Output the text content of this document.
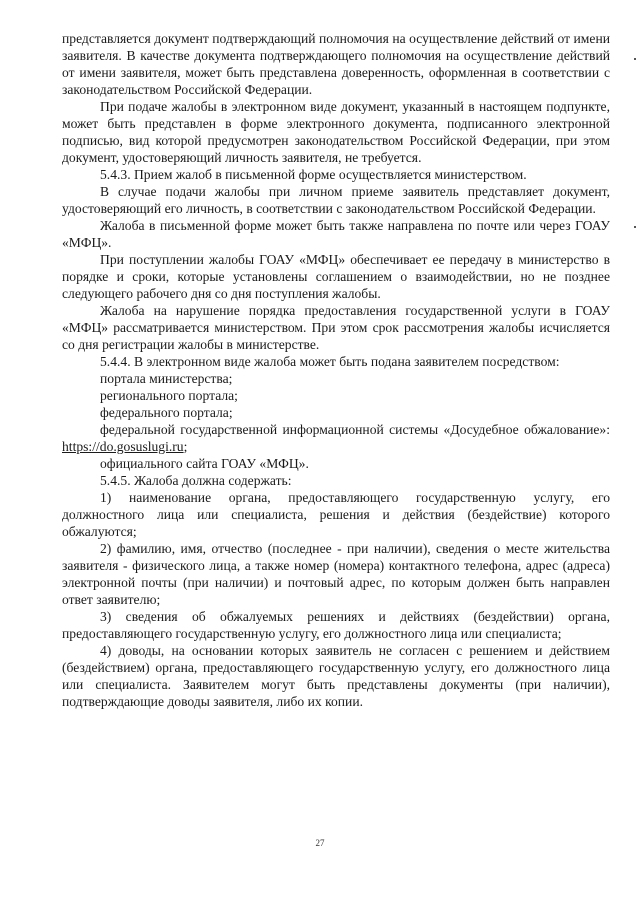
представляется документ подтверждающий полномочия на осуществление действий от имени заявителя. В качестве документа подтверждающего полномочия на осуществление действий от имени заявителя, может быть представлена доверенность, оформленная в соответствии с законодательством Российской Федерации.

При подаче жалобы в электронном виде документ, указанный в настоящем подпункте, может быть представлен в форме электронного документа, подписанного электронной подписью, вид которой предусмотрен законодательством Российской Федерации, при этом документ, удостоверяющий личность заявителя, не требуется.

5.4.3. Прием жалоб в письменной форме осуществляется министерством.

В случае подачи жалобы при личном приеме заявитель представляет документ, удостоверяющий его личность, в соответствии с законодательством Российской Федерации.

Жалоба в письменной форме может быть также направлена по почте или через ГОАУ «МФЦ».

При поступлении жалобы ГОАУ «МФЦ» обеспечивает ее передачу в министерство в порядке и сроки, которые установлены соглашением о взаимодействии, но не позднее следующего рабочего дня со дня поступления жалобы.

Жалоба на нарушение порядка предоставления государственной услуги в ГОАУ «МФЦ» рассматривается министерством. При этом срок рассмотрения жалобы исчисляется со дня регистрации жалобы в министерстве.

5.4.4. В электронном виде жалоба может быть подана заявителем посредством:

портала министерства;

регионального портала;

федерального портала;

федеральной государственной информационной системы «Досудебное обжалование»: https://do.gosuslugi.ru;

официального сайта ГОАУ «МФЦ».

5.4.5. Жалоба должна содержать:

1) наименование органа, предоставляющего государственную услугу, его должностного лица или специалиста, решения и действия (бездействие) которого обжалуются;

2) фамилию, имя, отчество (последнее - при наличии), сведения о месте жительства заявителя - физического лица, а также номер (номера) контактного телефона, адрес (адреса) электронной почты (при наличии) и почтовый адрес, по которым должен быть направлен ответ заявителю;

3) сведения об обжалуемых решениях и действиях (бездействии) органа, предоставляющего государственную услугу, его должностного лица или специалиста;

4) доводы, на основании которых заявитель не согласен с решением и действием (бездействием) органа, предоставляющего государственную услугу, его должностного лица или специалиста. Заявителем могут быть представлены документы (при наличии), подтверждающие доводы заявителя, либо их копии.

27
